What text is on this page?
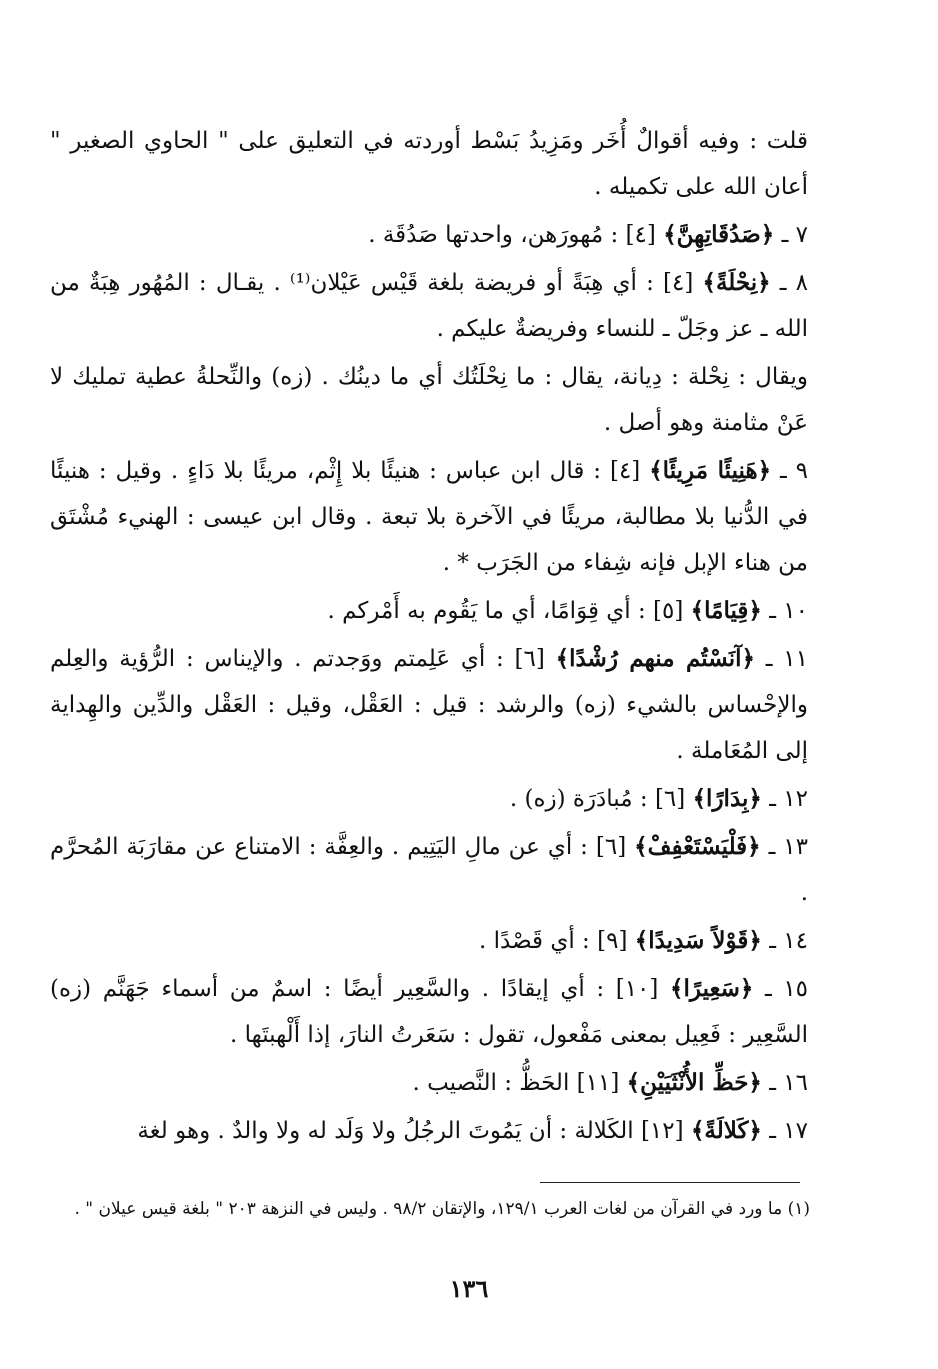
قلت : وفيه أقوالٌ أُخَر ومَزِيدُ بَسْط أوردته في التعليق على " الحاوي الصغير " أعان الله على تكميله .

٧ ـ ﴿صَدُقَاتِهِنَّ﴾ [٤] : مُهورَهن، واحدتها صَدُقَة .

٨ ـ ﴿نِحْلَةً﴾ [٤] : أي هِبَةً أو فريضة بلغة قَيْس عَيْلان⁽¹⁾ . يقـال : المُهُور هِبَةٌ من الله ـ عز وجَلّ ـ للنساء وفريضةٌ عليكم .

ويقال : نِحْلة : دِيانة، يقال : ما نِحْلَتُك أي ما دينُك . (زه) والنِّحلةُ عطية تمليك لا عَنْ مثامنة وهو أصل .

٩ ـ ﴿هَنِيئًا مَرِيئًا﴾ [٤] : قال ابن عباس : هنيئًا بلا إِثْم، مريئًا بلا دَاءٍ . وقيل : هنيئًا في الدُّنيا بلا مطالبة، مريئًا في الآخرة بلا تبعة . وقال ابن عيسى : الهنيء مُشْتَق من هناء الإبل فإنه شِفاء من الجَرَب * .

١٠ ـ ﴿قِيَامًا﴾ [٥] : أي قِوَامًا، أي ما يَقُوم به أَمْركم .

١١ ـ ﴿آنَسْتُم منهم رُشْدًا﴾ [٦] : أي عَلِمتم ووَجدتم . والإيناس : الرُّؤية والعِلم والإحْساس بالشيء (زه) والرشد : قيل : العَقْل، وقيل : العَقْل والدِّين والهِداية إلى المُعَاملة .

١٢ ـ ﴿بِدَارًا﴾ [٦] : مُبادَرَة (زه) .

١٣ ـ ﴿فَلْيَسْتَعْفِفْ﴾ [٦] : أي عن مالِ اليَتِيم . والعِفَّة : الامتناع عن مقارَبَة المُحرَّم .

١٤ ـ ﴿قَوْلاً سَدِيدًا﴾ [٩] : أي قَصْدًا .

١٥ ـ ﴿سَعِيرًا﴾ [١٠] : أي إيقادًا . والسَّعِير أيضًا : اسمٌ من أسماء جَهَنَّم (زه) السَّعِير : فَعِيل بمعنى مَفْعول، تقول : سَعَرتُ النارَ، إذا أَلْهبتَها .

١٦ ـ ﴿حَظِّ الأُنْثَيَيْنِ﴾ [١١] الحَظُّ : النَّصيب .

١٧ ـ ﴿كَلالَةً﴾ [١٢] الكَلالة : أن يَمُوتَ الرجُلُ ولا وَلَد له ولا والدٌ . وهو لغة

(١) ما ورد في القرآن من لغات العرب ١٢٩/١، والإتقان ٩٨/٢ . وليس في النزهة ٢٠٣ " بلغة قيس عيلان " .
١٣٦
